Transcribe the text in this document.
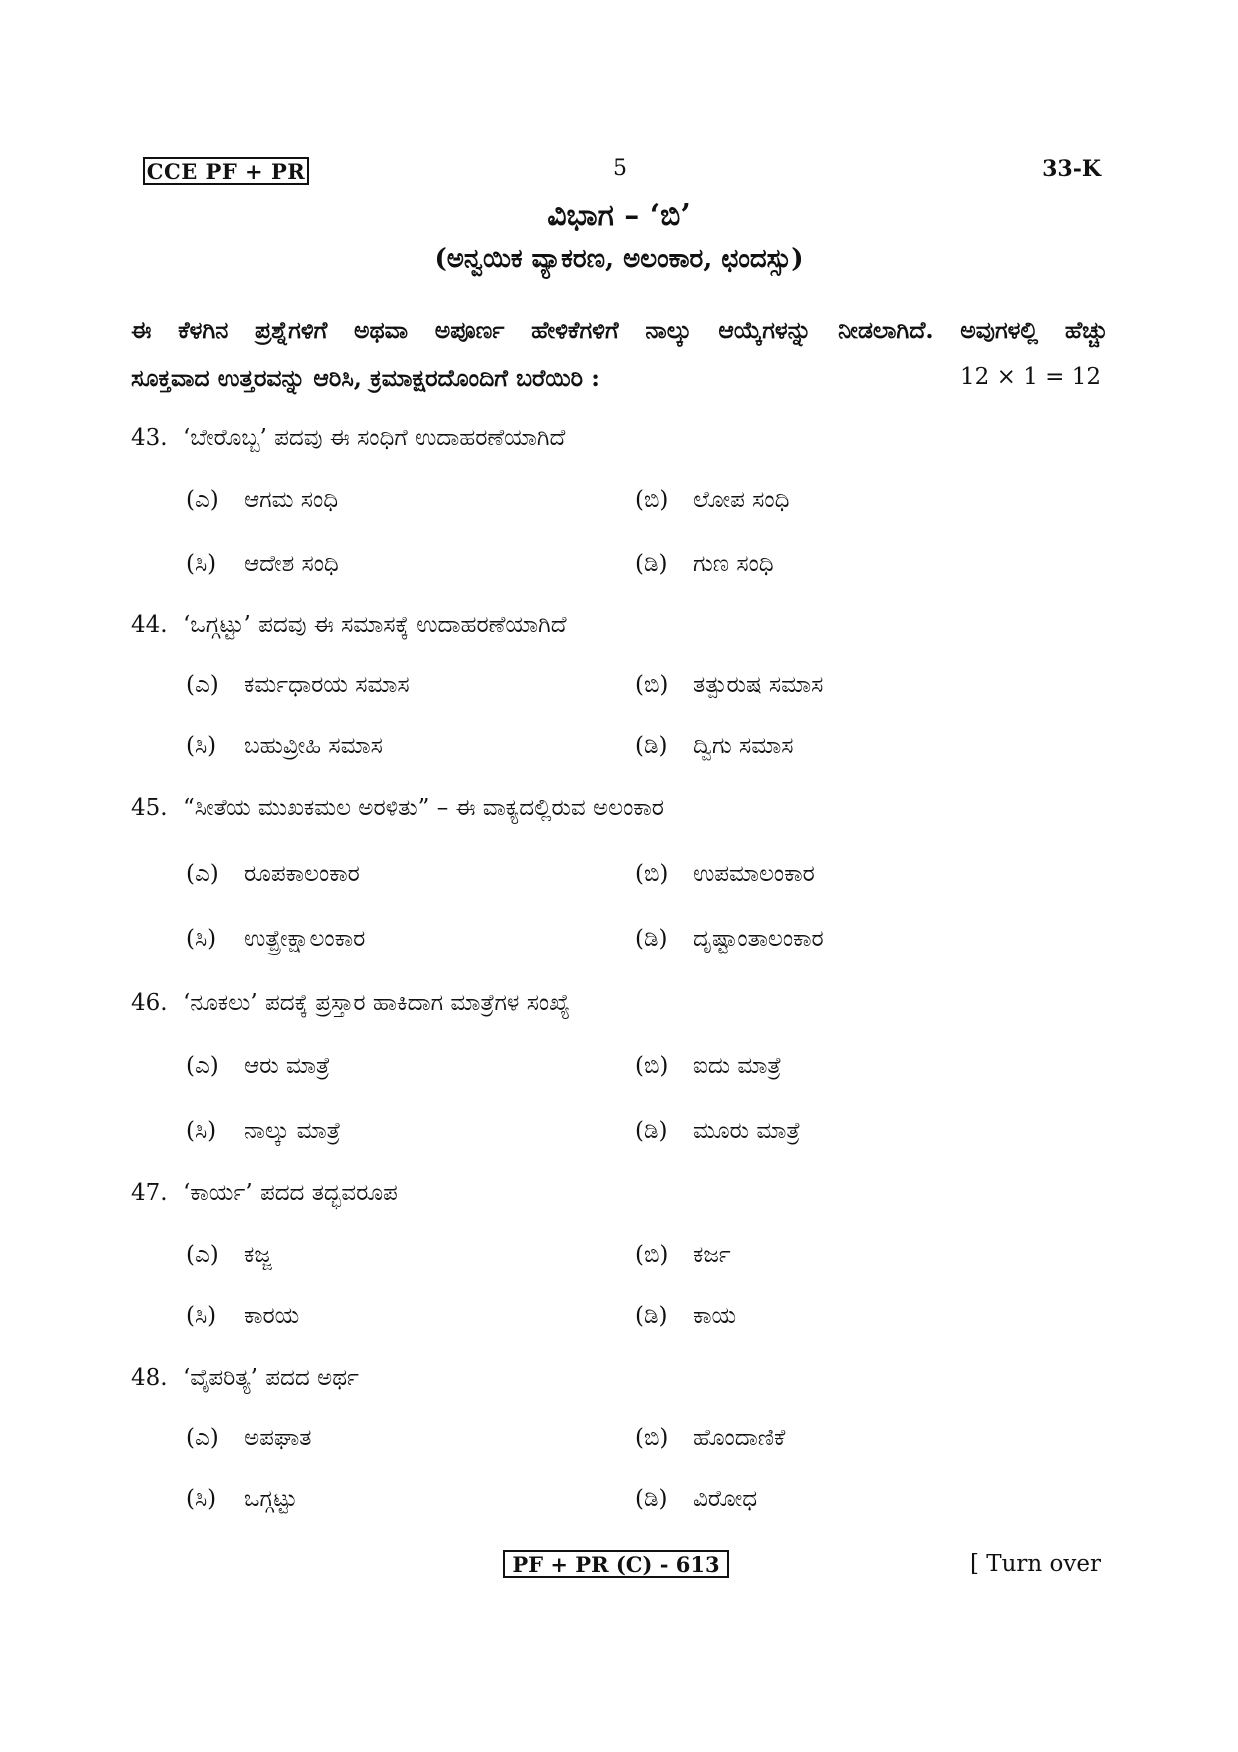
CCE PF + PR	5	33-K
ವಿಭಾಗ – ‘ಬಿ’
(ಅನ್ವಯಿಕ ವ್ಯಾಕರಣ, ಅಲಂಕಾರ, ಛಂದಸ್ಸು)
ಈ ಕೆಳಗಿನ ಪ್ರಶ್ನೆಗಳಿಗೆ ಅಥವಾ ಅಪೂರ್ಣ ಹೇಳಿಕೆಗಳಿಗೆ ನಾಲ್ಕು ಆಯ್ಕೆಗಳನ್ನು ನೀಡಲಾಗಿದೆ. ಅವುಗಳಲ್ಲಿ ಹೆಚ್ಚು
ಸೂಕ್ತವಾದ ಉತ್ತರವನ್ನು ಆರಿಸಿ, ಕ್ರಮಾಕ್ಷರದೊಂದಿಗೆ ಬರೆಯಿರಿ :	12 × 1 = 12
43. ‘ಬೇರೊಬ್ಬ’ ಪದವು ಈ ಸಂಧಿಗೆ ಉದಾಹರಣೆಯಾಗಿದೆ
(ಎ) ಆಗಮ ಸಂಧಿ	(ಬಿ) ಲೋಪ ಸಂಧಿ
(ಸಿ) ಆದೇಶ ಸಂಧಿ	(ಡಿ) ಗುಣ ಸಂಧಿ
44. ‘ಒಗ್ಗಟ್ಟು’ ಪದವು ಈ ಸಮಾಸಕ್ಕೆ ಉದಾಹರಣೆಯಾಗಿದೆ
(ಎ) ಕರ್ಮಧಾರಯ ಸಮಾಸ	(ಬಿ) ತತ್ಪುರುಷ ಸಮಾಸ
(ಸಿ) ಬಹುವ್ರೀಹಿ ಸಮಾಸ	(ಡಿ) ದ್ವಿಗು ಸಮಾಸ
45. “ಸೀತೆಯ ಮುಖಕಮಲ ಅರಳಿತು” – ಈ ವಾಕ್ಯದಲ್ಲಿರುವ ಅಲಂಕಾರ
(ಎ) ರೂಪಕಾಲಂಕಾರ	(ಬಿ) ಉಪಮಾಲಂಕಾರ
(ಸಿ) ಉತ್ಪ್ರೇಕ್ಷಾಲಂಕಾರ	(ಡಿ) ದೃಷ್ಟಾಂತಾಲಂಕಾರ
46. ‘ನೂಕಲು’ ಪದಕ್ಕೆ ಪ್ರಸ್ತಾರ ಹಾಕಿದಾಗ ಮಾತ್ರೆಗಳ ಸಂಖ್ಯೆ
(ಎ) ಆರು ಮಾತ್ರೆ	(ಬಿ) ಐದು ಮಾತ್ರೆ
(ಸಿ) ನಾಲ್ಕು ಮಾತ್ರೆ	(ಡಿ) ಮೂರು ಮಾತ್ರೆ
47. ‘ಕಾರ್ಯ’ ಪದದ ತದ್ಭವರೂಪ
(ಎ) ಕಜ್ಜ	(ಬಿ) ಕರ್ಜ
(ಸಿ) ಕಾರಯ	(ಡಿ) ಕಾಯ
48. ‘ವೈಪರಿತ್ಯ’ ಪದದ ಅರ್ಥ
(ಎ) ಅಪಘಾತ	(ಬಿ) ಹೊಂದಾಣಿಕೆ
(ಸಿ) ಒಗ್ಗಟ್ಟು	(ಡಿ) ವಿರೋಧ
PF + PR (C) - 613	[ Turn over
